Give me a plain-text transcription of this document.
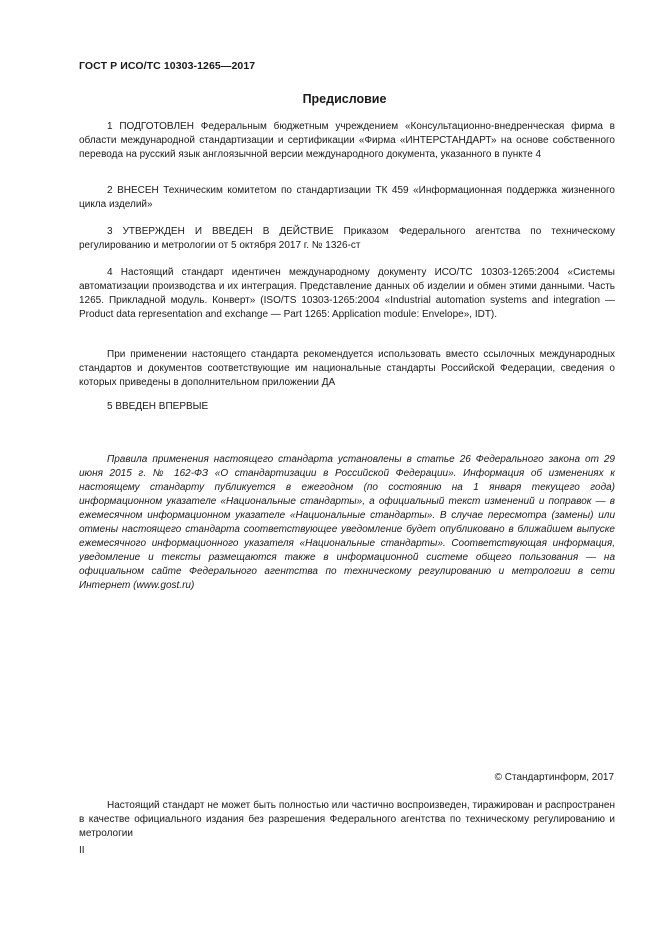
ГОСТ Р ИСО/ТС 10303-1265—2017
Предисловие
1 ПОДГОТОВЛЕН Федеральным бюджетным учреждением «Консультационно-внедренческая фирма в области международной стандартизации и сертификации «Фирма «ИНТЕРСТАНДАРТ» на основе собственного перевода на русский язык англоязычной версии международного документа, указанного в пункте 4
2 ВНЕСЕН Техническим комитетом по стандартизации ТК 459 «Информационная поддержка жизненного цикла изделий»
3 УТВЕРЖДЕН И ВВЕДЕН В ДЕЙСТВИЕ Приказом Федерального агентства по техническому регулированию и метрологии от 5 октября 2017 г. № 1326-ст
4 Настоящий стандарт идентичен международному документу ИСО/ТС 10303-1265:2004 «Системы автоматизации производства и их интеграция. Представление данных об изделии и обмен этими данными. Часть 1265. Прикладной модуль. Конверт» (ISO/TS 10303-1265:2004 «Industrial automation systems and integration — Product data representation and exchange — Part 1265: Application module: Envelope», IDT).
При применении настоящего стандарта рекомендуется использовать вместо ссылочных международных стандартов и документов соответствующие им национальные стандарты Российской Федерации, сведения о которых приведены в дополнительном приложении ДА
5 ВВЕДЕН ВПЕРВЫЕ
Правила применения настоящего стандарта установлены в статье 26 Федерального закона от 29 июня 2015 г. № 162-ФЗ «О стандартизации в Российской Федерации». Информация об изменениях к настоящему стандарту публикуется в ежегодном (по состоянию на 1 января текущего года) информационном указателе «Национальные стандарты», а официальный текст изменений и поправок — в ежемесячном информационном указателе «Национальные стандарты». В случае пересмотра (замены) или отмены настоящего стандарта соответствующее уведомление будет опубликовано в ближайшем выпуске ежемесячного информационного указателя «Национальные стандарты». Соответствующая информация, уведомление и тексты размещаются также в информационной системе общего пользования — на официальном сайте Федерального агентства по техническому регулированию и метрологии в сети Интернет (www.gost.ru)
© Стандартинформ, 2017
Настоящий стандарт не может быть полностью или частично воспроизведен, тиражирован и распространен в качестве официального издания без разрешения Федерального агентства по техническому регулированию и метрологии
II
